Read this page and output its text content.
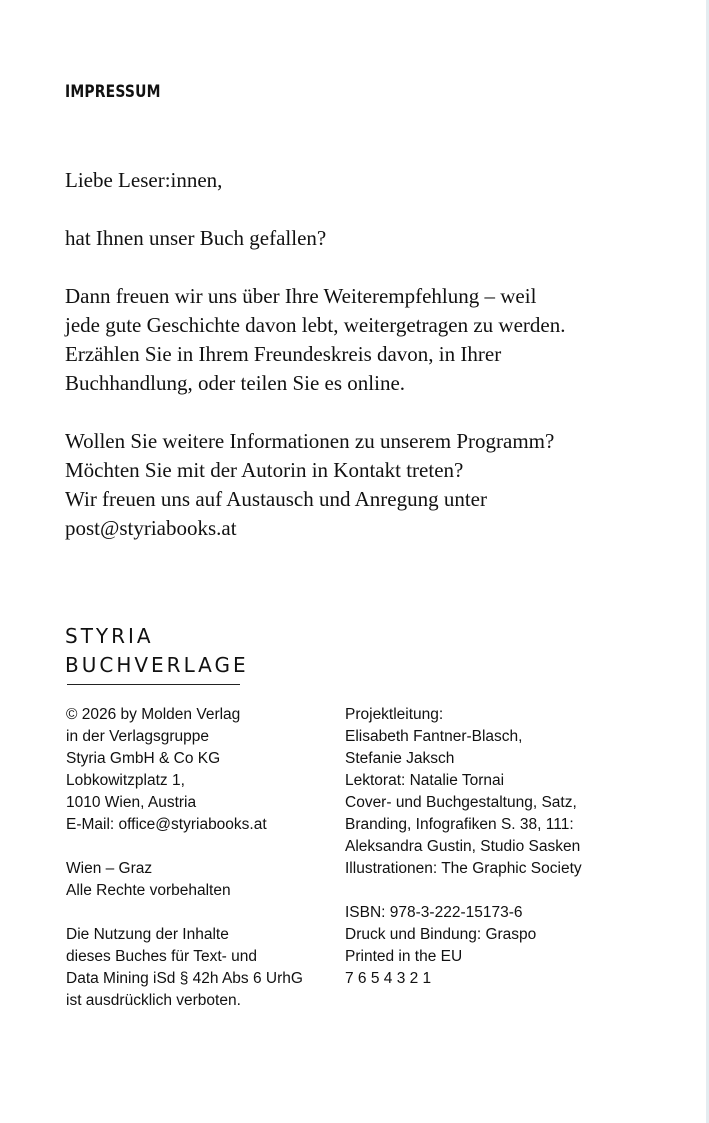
IMPRESSUM

Liebe Leser:innen,

hat Ihnen unser Buch gefallen?

Dann freuen wir uns über Ihre Weiterempfehlung – weil
jede gute Geschichte davon lebt, weitergetragen zu werden.
Erzählen Sie in Ihrem Freundeskreis davon, in Ihrer
Buchhandlung, oder teilen Sie es online.

Wollen Sie weitere Informationen zu unserem Programm?
Möchten Sie mit der Autorin in Kontakt treten?
Wir freuen uns auf Austausch und Anregung unter
post@styriabooks.at

STYRIA
BUCHVERLAGE

© 2026 by Molden Verlag
in der Verlagsgruppe
Styria GmbH & Co KG
Lobkowitzplatz 1,
1010 Wien, Austria
E-Mail: office@styriabooks.at

Wien – Graz
Alle Rechte vorbehalten

Die Nutzung der Inhalte
dieses Buches für Text- und
Data Mining iSd § 42h Abs 6 UrhG
ist ausdrücklich verboten.

Projektleitung:
Elisabeth Fantner-Blasch,
Stefanie Jaksch
Lektorat: Natalie Tornai
Cover- und Buchgestaltung, Satz,
Branding, Infografiken S. 38, 111:
Aleksandra Gustin, Studio Sasken
Illustrationen: The Graphic Society

ISBN: 978-3-222-15173-6
Druck und Bindung: Graspo
Printed in the EU
7 6 5 4 3 2 1
